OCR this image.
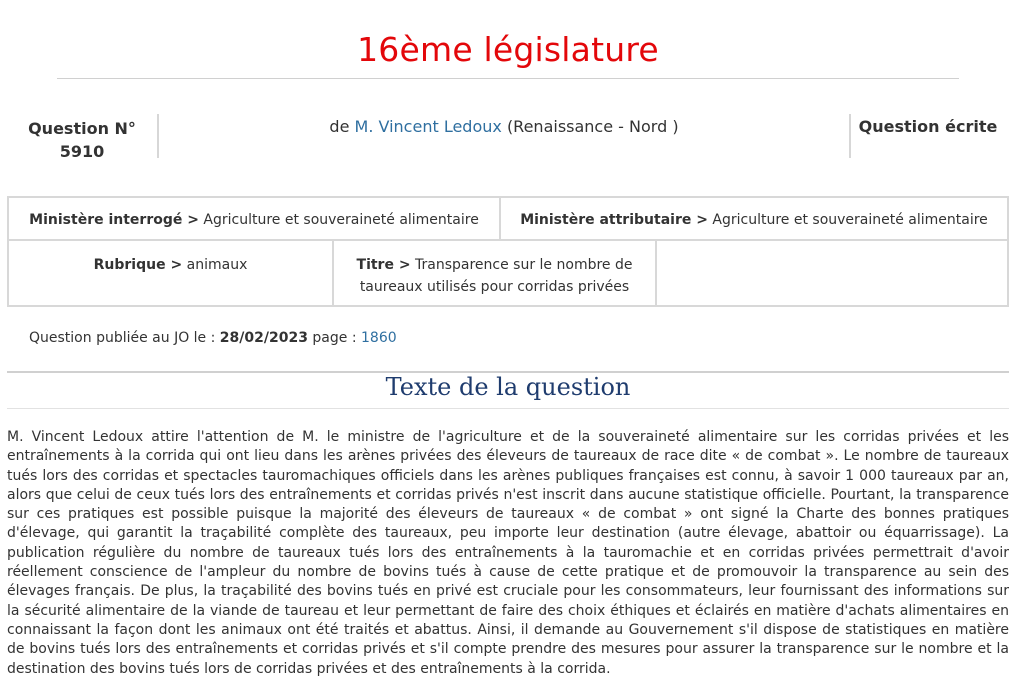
16ème législature
Question N°
5910
de M. Vincent Ledoux (Renaissance - Nord )	Question écrite
Ministère interrogé > Agriculture et souveraineté alimentaire	Ministère attributaire > Agriculture et souveraineté alimentaire
Rubrique > animaux	Titre > Transparence sur le nombre de taureaux utilisés pour corridas privées
Question publiée au JO le : 28/02/2023 page : 1860
Texte de la question
M. Vincent Ledoux attire l'attention de M. le ministre de l'agriculture et de la souveraineté alimentaire sur les corridas privées et les entraînements à la corrida qui ont lieu dans les arènes privées des éleveurs de taureaux de race dite « de combat ». Le nombre de taureaux tués lors des corridas et spectacles tauromachiques officiels dans les arènes publiques françaises est connu, à savoir 1 000 taureaux par an, alors que celui de ceux tués lors des entraînements et corridas privés n'est inscrit dans aucune statistique officielle. Pourtant, la transparence sur ces pratiques est possible puisque la majorité des éleveurs de taureaux « de combat » ont signé la Charte des bonnes pratiques d'élevage, qui garantit la traçabilité complète des taureaux, peu importe leur destination (autre élevage, abattoir ou équarrissage). La publication régulière du nombre de taureaux tués lors des entraînements à la tauromachie et en corridas privées permettrait d'avoir réellement conscience de l'ampleur du nombre de bovins tués à cause de cette pratique et de promouvoir la transparence au sein des élevages français. De plus, la traçabilité des bovins tués en privé est cruciale pour les consommateurs, leur fournissant des informations sur la sécurité alimentaire de la viande de taureau et leur permettant de faire des choix éthiques et éclairés en matière d'achats alimentaires en connaissant la façon dont les animaux ont été traités et abattus. Ainsi, il demande au Gouvernement s'il dispose de statistiques en matière de bovins tués lors des entraînements et corridas privés et s'il compte prendre des mesures pour assurer la transparence sur le nombre et la destination des bovins tués lors de corridas privées et des entraînements à la corrida.
